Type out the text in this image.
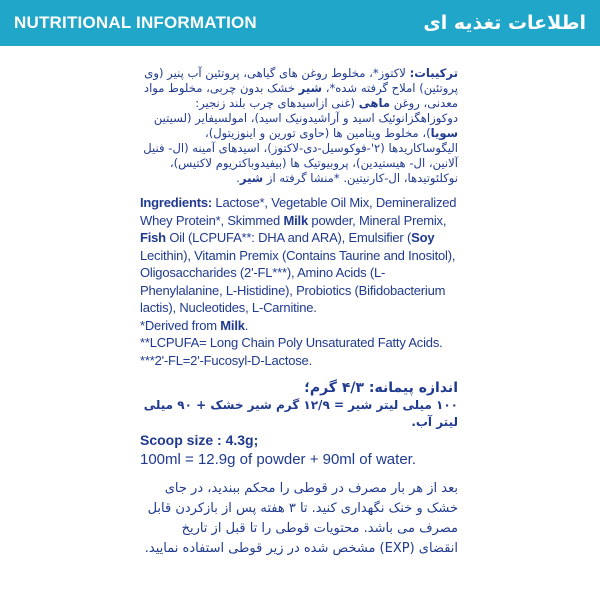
NUTRITIONAL INFORMATION	اطلاعات تغذیه ای

ترکیبات: لاکتوز*، مخلوط روغن های گیاهی، پروتئین آب پنیر (وی پروتئین) املاح گرفته شده*، شیر خشک بدون چربی، مخلوط مواد معدنی، روغن ماهی (غنی ازاسیدهای چرب بلند زنجیر: دوکوزاهگزانوئیک اسید و آراشیدونیک اسید)، امولسیفایر (لسیتین سویا)، مخلوط ویتامین ها (حاوی تورین و اینوزیتول)، الیگوساکاریدها (۲'-فوکوسیل-دی-لاکتوز)، اسیدهای آمینه (ال- فنیل آلانین، ال- هیستیدین)، پروبیوتیک ها (بیفیدوباکتریوم لاکتیس)، نوکلئوتیدها، ال-کارنیتین. *منشا گرفته از شیر.

Ingredients: Lactose*, Vegetable Oil Mix, Demineralized Whey Protein*, Skimmed Milk powder, Mineral Premix, Fish Oil (LCPUFA**: DHA and ARA), Emulsifier (Soy Lecithin), Vitamin Premix (Contains Taurine and Inositol), Oligosaccharides (2'-FL***), Amino Acids (L-Phenylalanine, L-Histidine), Probiotics (Bifidobacterium lactis), Nucleotides, L-Carnitine.

*Derived from Milk.

**LCPUFA= Long Chain Poly Unsaturated Fatty Acids.

***2'-FL=2'-Fucosyl-D-Lactose.

اندازه پیمانه: ۴/۳ گرم؛
۱۰۰ میلی لیتر شیر = ۱۲/۹ گرم شیر خشک + ۹۰ میلی لیتر آب.
Scoop size : 4.3g;
100ml = 12.9g of powder + 90ml of water.

بعد از هر بار مصرف در قوطی را محکم ببندید، در جای خشک و خنک نگهداری کنید. تا ۳ هفته پس از بازکردن قابل مصرف می باشد. محتویات قوطی را تا قبل از تاریخ انقضای (EXP) مشخص شده در زیر قوطی استفاده نمایید.
